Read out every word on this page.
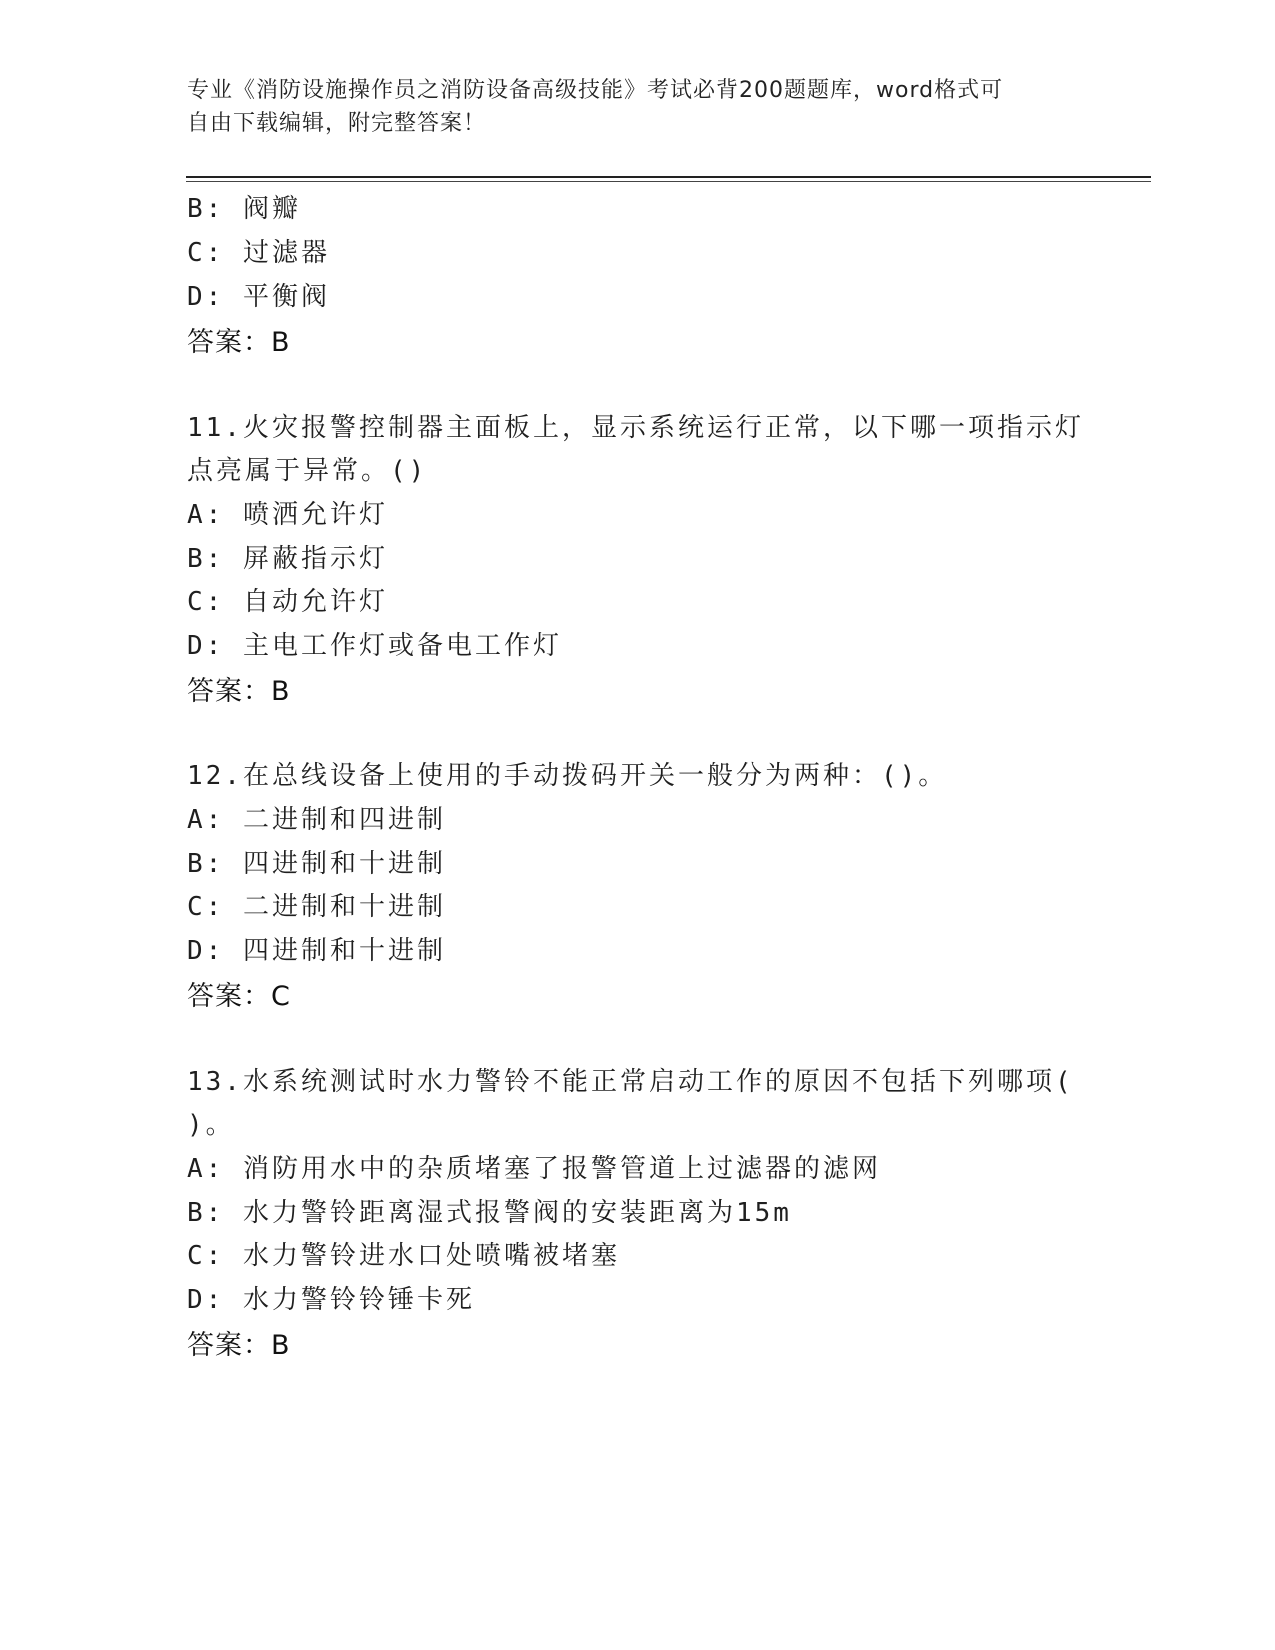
专业《消防设施操作员之消防设备高级技能》考试必背200题题库，word格式可
自由下载编辑，附完整答案！
B: 阀瓣
C: 过滤器
D: 平衡阀
答案：B
11.火灾报警控制器主面板上，显示系统运行正常，以下哪一项指示灯
点亮属于异常。()
A: 喷洒允许灯
B: 屏蔽指示灯
C: 自动允许灯
D: 主电工作灯或备电工作灯
答案：B
12.在总线设备上使用的手动拨码开关一般分为两种：()。
A: 二进制和四进制
B: 四进制和十进制
C: 二进制和十进制
D: 四进制和十进制
答案：C
13.水系统测试时水力警铃不能正常启动工作的原因不包括下列哪项(
)。
A: 消防用水中的杂质堵塞了报警管道上过滤器的滤网
B: 水力警铃距离湿式报警阀的安装距离为15m
C: 水力警铃进水口处喷嘴被堵塞
D: 水力警铃铃锤卡死
答案：B
